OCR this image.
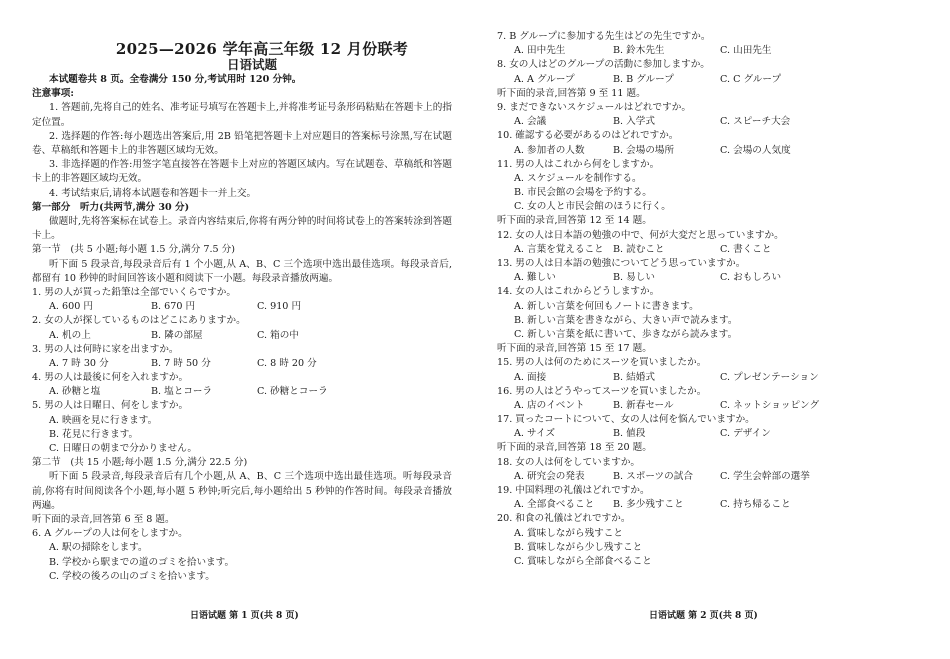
2025—2026 学年高三年级 12 月份联考
日语试题
本试题卷共 8 页。全卷满分 150 分,考试用时 120 分钟。
注意事项:
1. 答题前,先将自己的姓名、准考证号填写在答题卡上,并将准考证号条形码粘贴在答题卡上的指定位置。
2. 选择题的作答:每小题选出答案后,用 2B 铅笔把答题卡上对应题目的答案标号涂黑,写在试题卷、草稿纸和答题卡上的非答题区域均无效。
3. 非选择题的作答:用签字笔直接答在答题卡上对应的答题区域内。写在试题卷、草稿纸和答题卡上的非答题区域均无效。
4. 考试结束后,请将本试题卷和答题卡一并上交。
第一部分　听力(共两节,满分 30 分)
做题时,先将答案标在试卷上。录音内容结束后,你将有两分钟的时间将试卷上的答案转涂到答题卡上。
第一节　(共 5 小题;每小题 1.5 分,满分 7.5 分)
听下面 5 段录音,每段录音后有 1 个小题,从 A、B、C 三个选项中选出最佳选项。每段录音后,都留有 10 秒钟的时间回答该小题和阅读下一小题。每段录音播放两遍。
1. 男の人が買った鉛筆は全部でいくらですか。
A. 600 円	B. 670 円	C. 910 円
2. 女の人が探しているものはどこにありますか。
A. 机の上	B. 隣の部屋	C. 箱の中
3. 男の人は何時に家を出ますか。
A. 7 時 30 分	B. 7 時 50 分	C. 8 時 20 分
4. 男の人は最後に何を入れますか。
A. 砂糖と塩	B. 塩とコーラ	C. 砂糖とコーラ
5. 男の人は日曜日、何をしますか。
A. 映画を見に行きます。
B. 花見に行きます。
C. 日曜日の朝まで分かりません。
第二节　(共 15 小题;每小题 1.5 分,满分 22.5 分)
听下面 5 段录音,每段录音后有几个小题,从 A、B、C 三个选项中选出最佳选项。听每段录音前,你将有时间阅读各个小题,每小题 5 秒钟;听完后,每小题给出 5 秒钟的作答时间。每段录音播放两遍。
听下面的录音,回答第 6 至 8 题。
6. A グループの人は何をしますか。
A. 駅の掃除をします。
B. 学校から駅までの道のゴミを拾います。
C. 学校の後ろの山のゴミを拾います。
日语试题 第 1 页(共 8 页)
7. B グループに参加する先生はどの先生ですか。
A. 田中先生	B. 鈴木先生	C. 山田先生
8. 女の人はどのグループの活動に参加しますか。
A. A グループ	B. B グループ	C. C グループ
听下面的录音,回答第 9 至 11 题。
9. まだできないスケジュールはどれですか。
A. 会議	B. 入学式	C. スピーチ大会
10. 確認する必要があるのはどれですか。
A. 参加者の人数	B. 会場の場所	C. 会場の人気度
11. 男の人はこれから何をしますか。
A. スケジュールを制作する。
B. 市民会館の会場を予約する。
C. 女の人と市民会館のほうに行く。
听下面的录音,回答第 12 至 14 题。
12. 女の人は日本語の勉強の中で、何が大変だと思っていますか。
A. 言葉を覚えること B. 読むこと	C. 書くこと
13. 男の人は日本語の勉強についてどう思っていますか。
A. 難しい	B. 易しい	C. おもしろい
14. 女の人はこれからどうしますか。
A. 新しい言葉を何回もノートに書きます。
B. 新しい言葉を書きながら、大きい声で読みます。
C. 新しい言葉を紙に書いて、歩きながら読みます。
听下面的录音,回答第 15 至 17 题。
15. 男の人は何のためにスーツを買いましたか。
A. 面接	B. 結婚式	C. プレゼンテーション
16. 男の人はどうやってスーツを買いましたか。
A. 店のイベント	B. 新春セール	C. ネットショッピング
17. 買ったコートについて、女の人は何を悩んでいますか。
A. サイズ	B. 値段	C. デザイン
听下面的录音,回答第 18 至 20 题。
18. 女の人は何をしていますか。
A. 研究会の発表	B. スポーツの試合	C. 学生会幹部の選挙
19. 中国料理の礼儀はどれですか。
A. 全部食べること	B. 多少残すこと	C. 持ち帰ること
20. 和食の礼儀はどれですか。
A. 賞味しながら残すこと
B. 賞味しながら少し残すこと
C. 賞味しながら全部食べること
日语试题 第 2 页(共 8 页)
